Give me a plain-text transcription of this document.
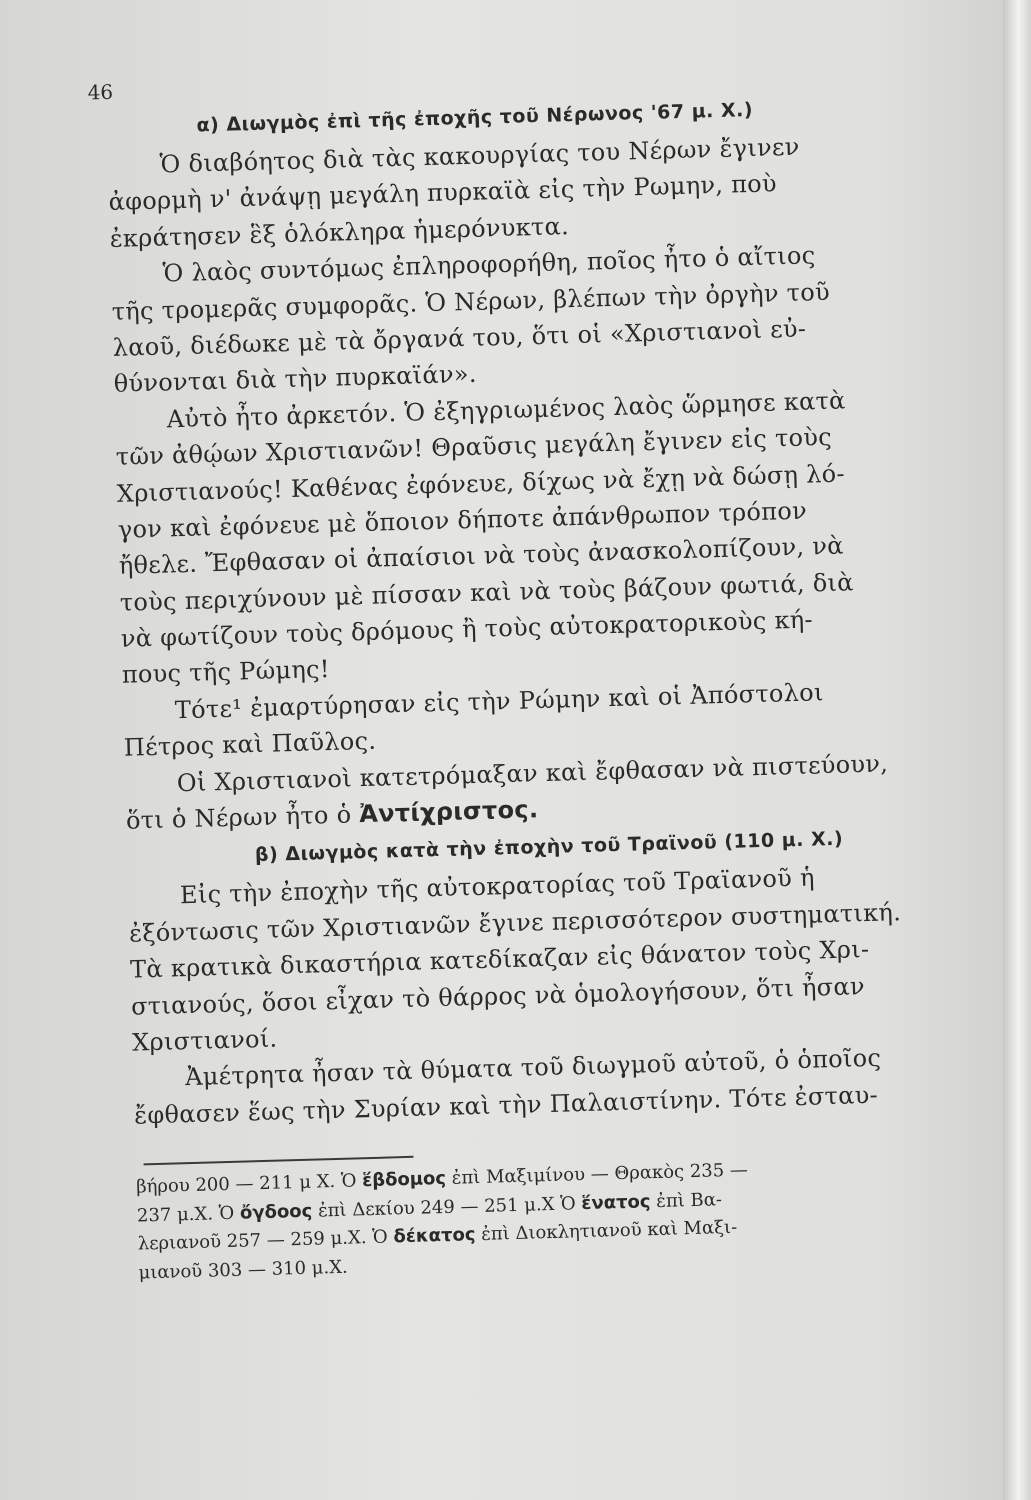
46
α) Διωγμὸς ἐπὶ τῆς ἐποχῆς τοῦ Νέρωνος '67 μ. Χ.)
Ὁ διαβόητος διὰ τὰς κακουργίας του Νέρων ἔγινεν
ἀφορμὴ ν' ἀνάψῃ μεγάλη πυρκαϊὰ εἰς τὴν Ρωμην, ποὺ
ἐκράτησεν ἓξ ὁλόκληρα ἡμερόνυκτα.
Ὁ λαὸς συντόμως ἐπληροφορήθη, ποῖος ἦτο ὁ αἴτιος
τῆς τρομερᾶς συμφορᾶς. Ὁ Νέρων, βλέπων τὴν ὀργὴν τοῦ
λαοῦ, διέδωκε μὲ τὰ ὄργανά του, ὅτι οἱ «Χριστιανοὶ εὐ-
θύνονται διὰ τὴν πυρκαϊάν».
Αὐτὸ ἦτο ἀρκετόν. Ὁ ἐξηγριωμένος λαὸς ὥρμησε κατὰ
τῶν ἀθῴων Χριστιανῶν! Θραῦσις μεγάλη ἔγινεν εἰς τοὺς
Χριστιανούς! Καθένας ἐφόνευε, δίχως νὰ ἔχῃ νὰ δώσῃ λό-
γον καὶ ἐφόνευε μὲ ὅποιον δήποτε ἀπάνθρωπον τρόπον
ἤθελε. Ἔφθασαν οἱ ἀπαίσιοι νὰ τοὺς ἀνασκολοπίζουν, νὰ
τοὺς περιχύνουν μὲ πίσσαν καὶ νὰ τοὺς βάζουν φωτιά, διὰ
νὰ φωτίζουν τοὺς δρόμους ἢ τοὺς αὐτοκρατορικοὺς κή-
πους τῆς Ρώμης!
Τότε¹ ἐμαρτύρησαν εἰς τὴν Ρώμην καὶ οἱ Ἀπόστολοι
Πέτρος καὶ Παῦλος.
Οἱ Χριστιανοὶ κατετρόμαξαν καὶ ἔφθασαν νὰ πιστεύουν,
ὅτι ὁ Νέρων ἦτο ὁ Ἀντίχριστος.
β) Διωγμὸς κατὰ τὴν ἐποχὴν τοῦ Τραϊνοῦ (110 μ. Χ.)
Εἰς τὴν ἐποχὴν τῆς αὐτοκρατορίας τοῦ Τραϊανοῦ ἡ
ἐξόντωσις τῶν Χριστιανῶν ἔγινε περισσότερον συστηματική.
Τὰ κρατικὰ δικαστήρια κατεδίκαζαν εἰς θάνατον τοὺς Χρι-
στιανούς, ὅσοι εἶχαν τὸ θάρρος νὰ ὁμολογήσουν, ὅτι ἦσαν
Χριστιανοί.
Ἀμέτρητα ἦσαν τὰ θύματα τοῦ διωγμοῦ αὐτοῦ, ὁ ὁποῖος
ἔφθασεν ἕως τὴν Συρίαν καὶ τὴν Παλαιστίνην. Τότε ἐσταυ-
βήρου 200 — 211 μ Χ. Ὁ ἕβδομος ἐπὶ Μαξιμίνου — Θρακὸς 235 —
237 μ.Χ. Ὁ ὄγδοος ἐπὶ Δεκίου 249 — 251 μ.Χ Ὁ ἕνατος ἐπὶ Βα-
λεριανοῦ 257 — 259 μ.Χ. Ὁ δέκατος ἐπὶ Διοκλητιανοῦ καὶ Μαξι-
μιανοῦ 303 — 310 μ.Χ.
